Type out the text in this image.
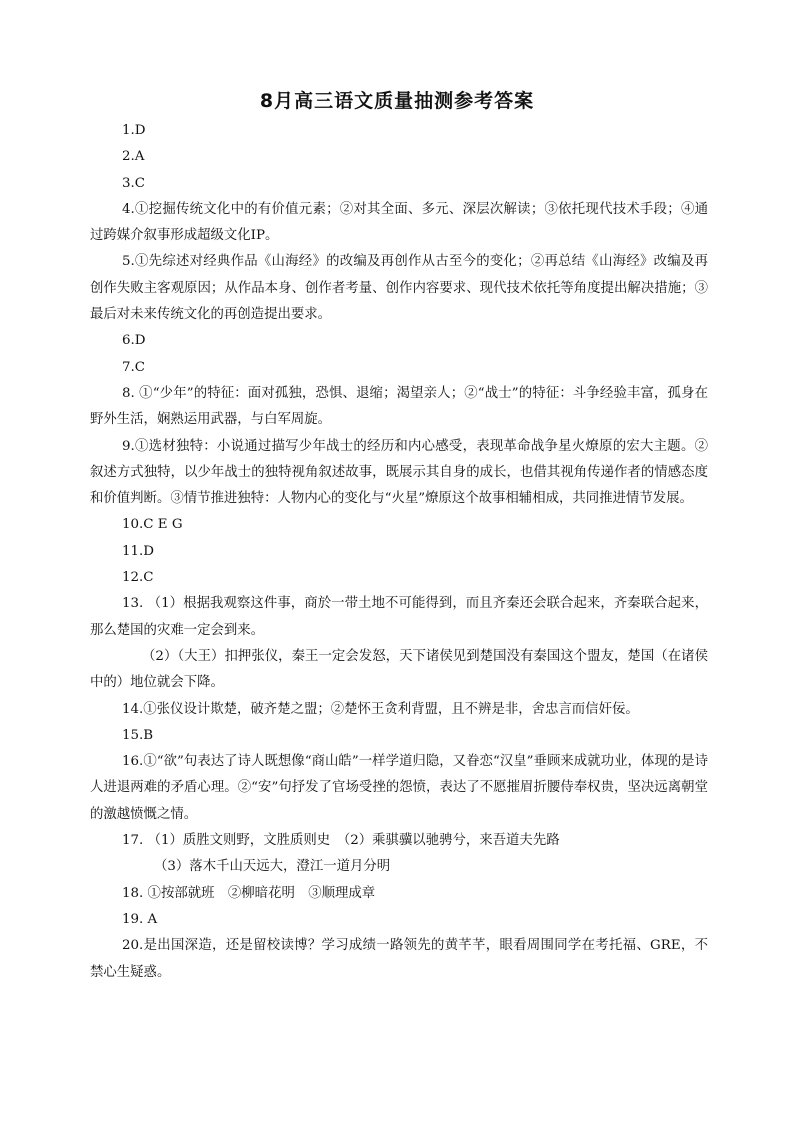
8月高三语文质量抽测参考答案

1.D

2.A

3.C

4.①挖掘传统文化中的有价值元素；②对其全面、多元、深层次解读；③依托现代技术手段；④通过跨媒介叙事形成超级文化IP。

5.①先综述对经典作品《山海经》的改编及再创作从古至今的变化；②再总结《山海经》改编及再创作失败主客观原因；从作品本身、创作者考量、创作内容要求、现代技术依托等角度提出解决措施；③最后对未来传统文化的再创造提出要求。

6.D

7.C

8. ①“少年”的特征：面对孤独，恐惧、退缩；渴望亲人；②“战士”的特征：斗争经验丰富，孤身在野外生活，娴熟运用武器，与白军周旋。

9.①选材独特：小说通过描写少年战士的经历和内心感受，表现革命战争星火燎原的宏大主题。②叙述方式独特，以少年战士的独特视角叙述故事，既展示其自身的成长，也借其视角传递作者的情感态度和价值判断。③情节推进独特：人物内心的变化与“火星”燎原这个故事相辅相成，共同推进情节发展。

10.C E G

11.D

12.C

13. （1）根据我观察这件事，商於一带土地不可能得到，而且齐秦还会联合起来，齐秦联合起来，那么楚国的灾难一定会到来。

（2）（大王）扣押张仪，秦王一定会发怒，天下诸侯见到楚国没有秦国这个盟友，楚国（在诸侯中的）地位就会下降。

14.①张仪设计欺楚，破齐楚之盟；②楚怀王贪利背盟，且不辨是非，舍忠言而信奸佞。

15.B

16.①“欲”句表达了诗人既想像“商山皓”一样学道归隐，又眷恋“汉皇”垂顾来成就功业，体现的是诗人进退两难的矛盾心理。②“安”句抒发了官场受挫的怨愤，表达了不愿摧眉折腰侍奉权贵，坚决远离朝堂的激越愤慨之情。

17. （1）质胜文则野，文胜质则史　（2）乘骐骥以驰骋兮，来吾道夫先路

（3）落木千山天远大，澄江一道月分明

18. ①按部就班　②柳暗花明　③顺理成章

19. A

20.是出国深造，还是留校读博？学习成绩一路领先的黄芊芊，眼看周围同学在考托福、GRE，不禁心生疑惑。
